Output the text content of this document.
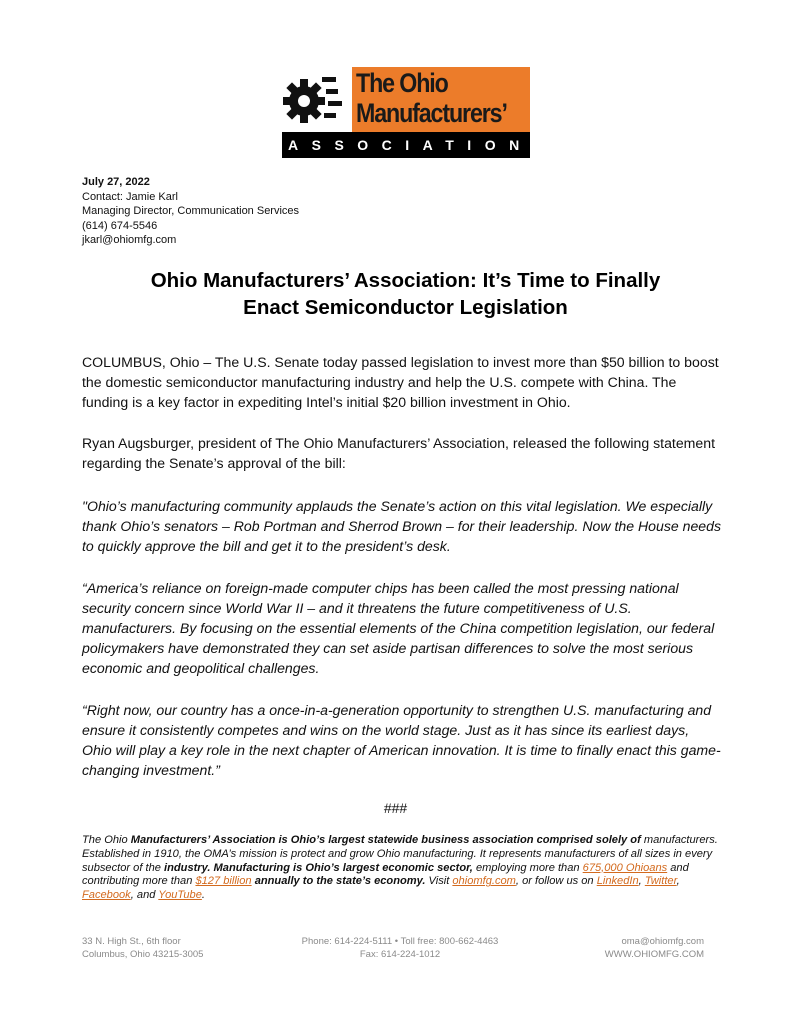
The Ohio
Manufacturers’
ASSOCIATION
July 27, 2022
Contact: Jamie Karl
Managing Director, Communication Services
(614) 674-5546
jkarl@ohiomfg.com
Ohio Manufacturers’ Association: It’s Time to Finally
Enact Semiconductor Legislation

COLUMBUS, Ohio – The U.S. Senate today passed legislation to invest more than $50 billion to boost the domestic semiconductor manufacturing industry and help the U.S. compete with China. The funding is a key factor in expediting Intel’s initial $20 billion investment in Ohio.

Ryan Augsburger, president of The Ohio Manufacturers’ Association, released the following statement regarding the Senate’s approval of the bill:

"Ohio’s manufacturing community applauds the Senate’s action on this vital legislation. We especially thank Ohio’s senators – Rob Portman and Sherrod Brown – for their leadership. Now the House needs to quickly approve the bill and get it to the president’s desk.

“America’s reliance on foreign-made computer chips has been called the most pressing national security concern since World War II – and it threatens the future competitiveness of U.S. manufacturers. By focusing on the essential elements of the China competition legislation, our federal policymakers have demonstrated they can set aside partisan differences to solve the most serious economic and geopolitical challenges.

“Right now, our country has a once-in-a-generation opportunity to strengthen U.S. manufacturing and ensure it consistently competes and wins on the world stage. Just as it has since its earliest days, Ohio will play a key role in the next chapter of American innovation. It is time to finally enact this game-changing investment.”

###

The Ohio Manufacturers’ Association is Ohio’s largest statewide business association comprised solely of manufacturers. Established in 1910, the OMA’s mission is protect and grow Ohio manufacturing. It represents manufacturers of all sizes in every subsector of the industry. Manufacturing is Ohio’s largest economic sector, employing more than 675,000 Ohioans and contributing more than $127 billion annually to the state’s economy. Visit ohiomfg.com, or follow us on LinkedIn, Twitter, Facebook, and YouTube.

33 N. High St., 6th floor
Columbus, Ohio 43215-3005
Phone: 614-224-5111 • Toll free: 800-662-4463
Fax: 614-224-1012
oma@ohiomfg.com
WWW.OHIOMFG.COM
